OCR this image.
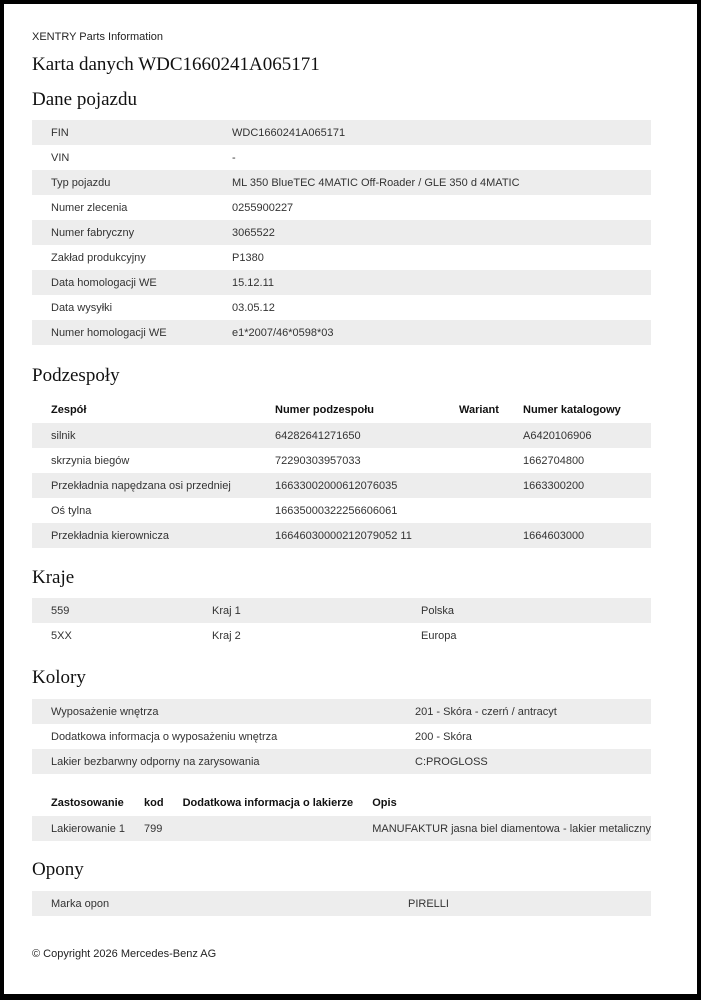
XENTRY Parts Information
Karta danych WDC1660241A065171
Dane pojazdu
FIN	WDC1660241A065171
VIN	-
Typ pojazdu	ML 350 BlueTEC 4MATIC Off-Roader / GLE 350 d 4MATIC
Numer zlecenia	0255900227
Numer fabryczny	3065522
Zakład produkcyjny	P1380
Data homologacji WE	15.12.11
Data wysyłki	03.05.12
Numer homologacji WE	e1*2007/46*0598*03
Podzespoły
Zespół	Numer podzespołu	Wariant	Numer katalogowy
silnik	64282641271650		A6420106906
skrzynia biegów	72290303957033		1662704800
Przekładnia napędzana osi przedniej	16633002000612076035		1663300200
Oś tylna	16635000322256606061		
Przekładnia kierownicza	16646030000212079052 11		1664603000
Kraje
559	Kraj 1	Polska
5XX	Kraj 2	Europa
Kolory
Wyposażenie wnętrza	201 - Skóra - czerń / antracyt
Dodatkowa informacja o wyposażeniu wnętrza	200 - Skóra
Lakier bezbarwny odporny na zarysowania	C:PROGLOSS
Zastosowanie	kod	Dodatkowa informacja o lakierze	Opis
Lakierowanie 1	799		MANUFAKTUR jasna biel diamentowa - lakier metaliczny
Opony
Marka opon	PIRELLI
© Copyright 2026 Mercedes-Benz AG
